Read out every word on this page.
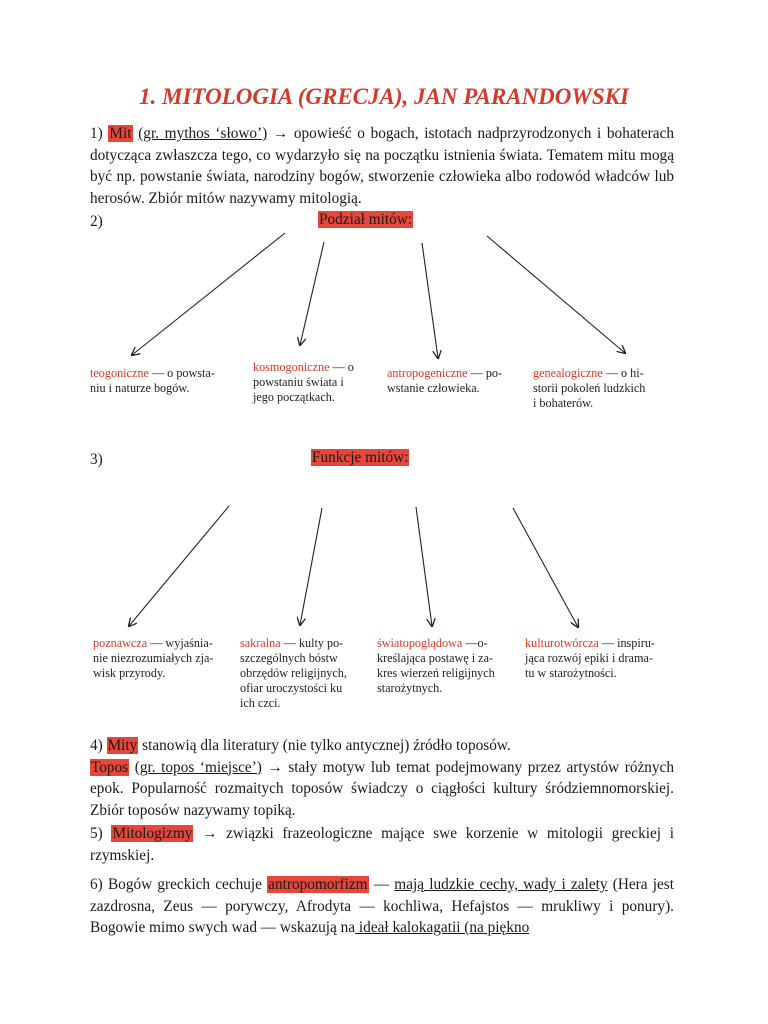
1. MITOLOGIA (GRECJA), JAN PARANDOWSKI
1) Mit (gr. mythos ‘słowo’) → opowieść o bogach, istotach nadprzyrodzonych i bohaterach dotycząca zwłaszcza tego, co wydarzyło się na początku istnienia świata. Tematem mitu mogą być np. powstanie świata, narodziny bogów, stworzenie człowieka albo rodowód władców lub herosów. Zbiór mitów nazywamy mitologią.
2)	Podział mitów:
teogoniczne — o powsta-
niu i naturze bogów.
kosmogoniczne — o
powstaniu świata i
jego początkach.
antropogeniczne — po-
wstanie człowieka.
genealogiczne — o hi-
storii pokoleń ludzkich
i bohaterów.
3)	Funkcje mitów:
poznawcza — wyjaśnia-
nie niezrozumiałych zja-
wisk przyrody.
sakralna — kulty po-
szczególnych bóstw
obrzędów religijnych,
ofiar uroczystości ku
ich czci.
światopoglądowa —o-
kreślająca postawę i za-
kres wierzeń religijnych
starożytnych.
kulturotwórcza — inspiru-
jąca rozwój epiki i drama-
tu w starożytności.
4) Mity stanowią dla literatury (nie tylko antycznej) źródło toposów.
Topos (gr. topos ‘miejsce’) → stały motyw lub temat podejmowany przez artystów różnych epok. Popularność rozmaitych toposów świadczy o ciągłości kultury śródziemnomorskiej. Zbiór toposów nazywamy topiką.
5) Mitologizmy → związki frazeologiczne mające swe korzenie w mitologii greckiej i rzymskiej.
6) Bogów greckich cechuje antropomorfizm — mają ludzkie cechy, wady i zalety (Hera jest zazdrosna, Zeus — porywczy, Afrodyta — kochliwa, Hefajstos — mrukliwy i ponury). Bogowie mimo swych wad — wskazują na ideał kalokagatii (na piękno
